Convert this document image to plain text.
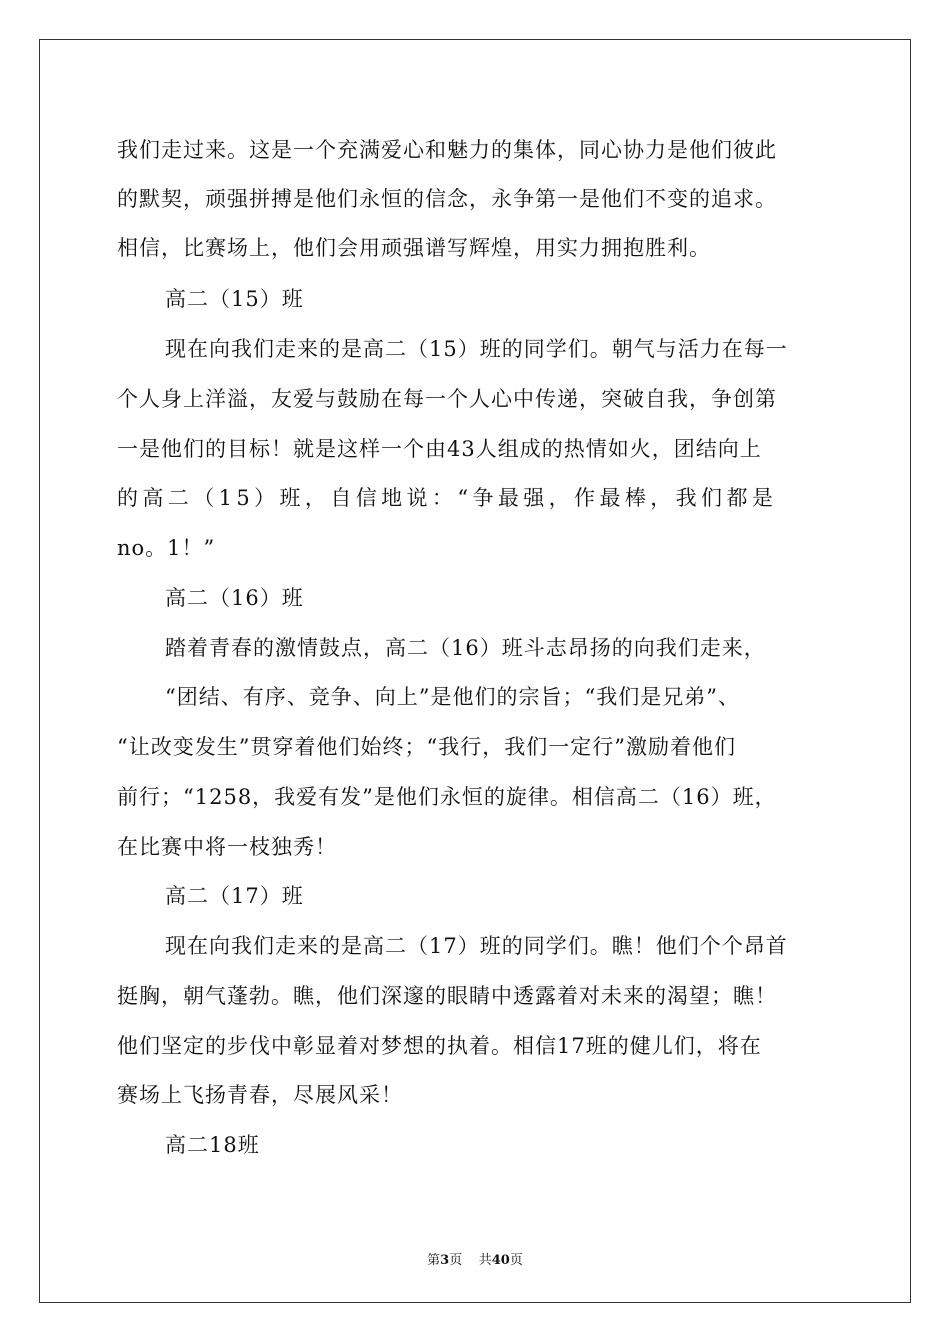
我们走过来。这是一个充满爱心和魅力的集体，同心协力是他们彼此
的默契，顽强拼搏是他们永恒的信念，永争第一是他们不变的追求。
相信，比赛场上，他们会用顽强谱写辉煌，用实力拥抱胜利。
高二（15）班
现在向我们走来的是高二（15）班的同学们。朝气与活力在每一
个人身上洋溢，友爱与鼓励在每一个人心中传递，突破自我，争创第
一是他们的目标！就是这样一个由43人组成的热情如火，团结向上
的高二（15）班，自信地说：“争最强，作最棒，我们都是
no。1！”
高二（16）班
踏着青春的激情鼓点，高二（16）班斗志昂扬的向我们走来，
“团结、有序、竞争、向上”是他们的宗旨；“我们是兄弟”、
“让改变发生”贯穿着他们始终；“我行，我们一定行”激励着他们
前行；“1258，我爱有发”是他们永恒的旋律。相信高二（16）班，
在比赛中将一枝独秀！
高二（17）班
现在向我们走来的是高二（17）班的同学们。瞧！他们个个昂首
挺胸，朝气蓬勃。瞧，他们深邃的眼睛中透露着对未来的渴望；瞧！
他们坚定的步伐中彰显着对梦想的执着。相信17班的健儿们，将在
赛场上飞扬青春，尽展风采！
高二18班
第3页 共40页
